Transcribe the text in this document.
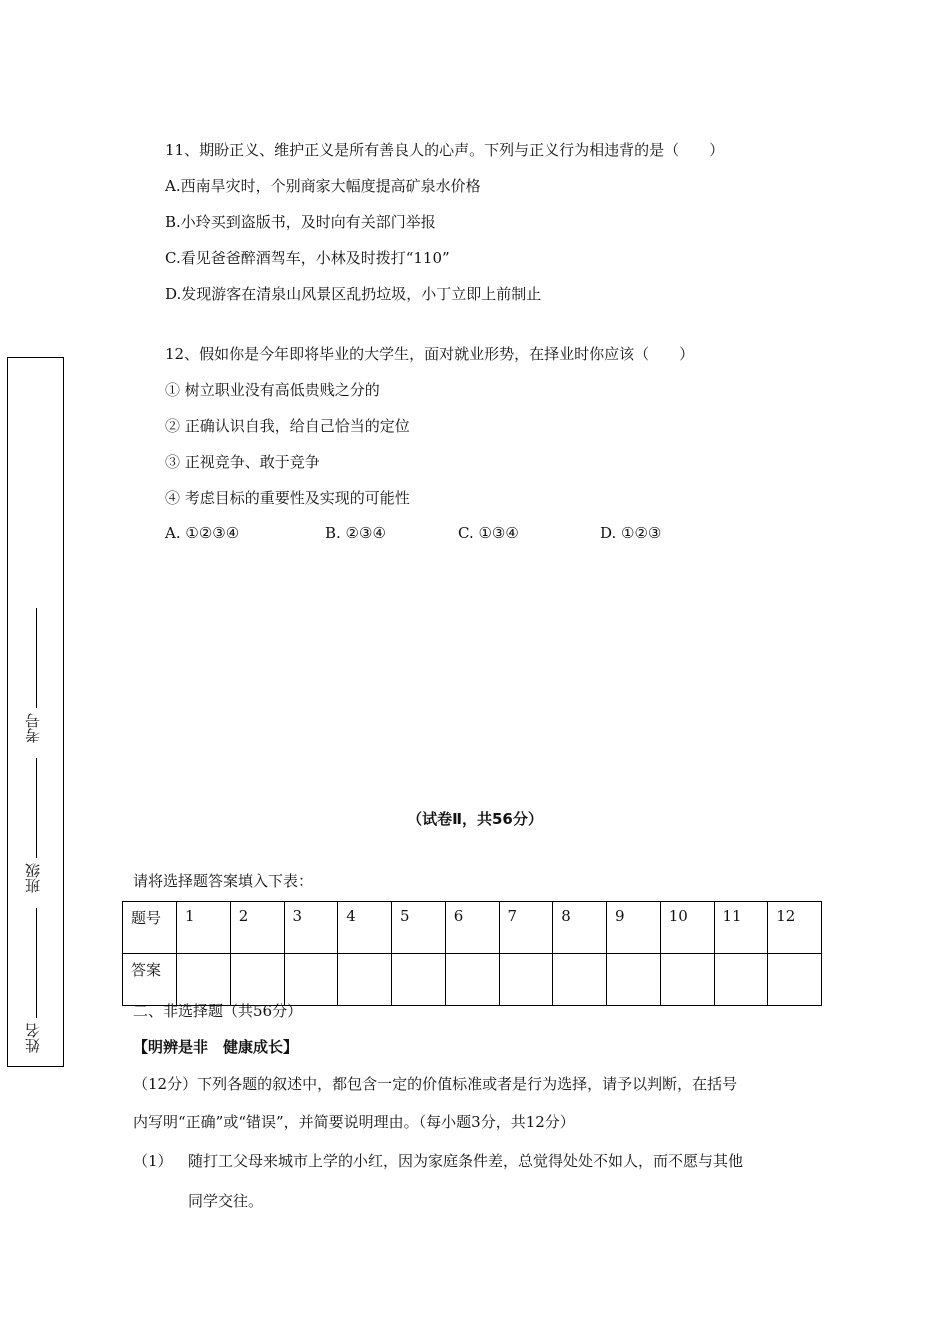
11、期盼正义、维护正义是所有善良人的心声。下列与正义行为相违背的是（　　）
A.西南旱灾时，个别商家大幅度提高矿泉水价格
B.小玲买到盗版书，及时向有关部门举报
C.看见爸爸醉酒驾车，小林及时拨打“110”
D.发现游客在清泉山风景区乱扔垃圾，小丁立即上前制止
12、假如你是今年即将毕业的大学生，面对就业形势，在择业时你应该（　　）
① 树立职业没有高低贵贱之分的
② 正确认识自我，给自己恰当的定位
③ 正视竞争、敢于竞争
④ 考虑目标的重要性及实现的可能性
A. ①②③④	B. ②③④	C. ①③④	D. ①②③
考号
班级
姓名
（试卷Ⅱ，共56分）
请将选择题答案填入下表：
题号	1	2	3	4	5	6	7	8	9	10	11	12
答案												
二、非选择题（共56分）
【明辨是非　健康成长】
（12分）下列各题的叙述中，都包含一定的价值标准或者是行为选择，请予以判断，在括号
内写明“正确”或“错误”，并简要说明理由。（每小题3分，共12分）
（1） 随打工父母来城市上学的小红，因为家庭条件差，总觉得处处不如人，而不愿与其他
同学交往。
